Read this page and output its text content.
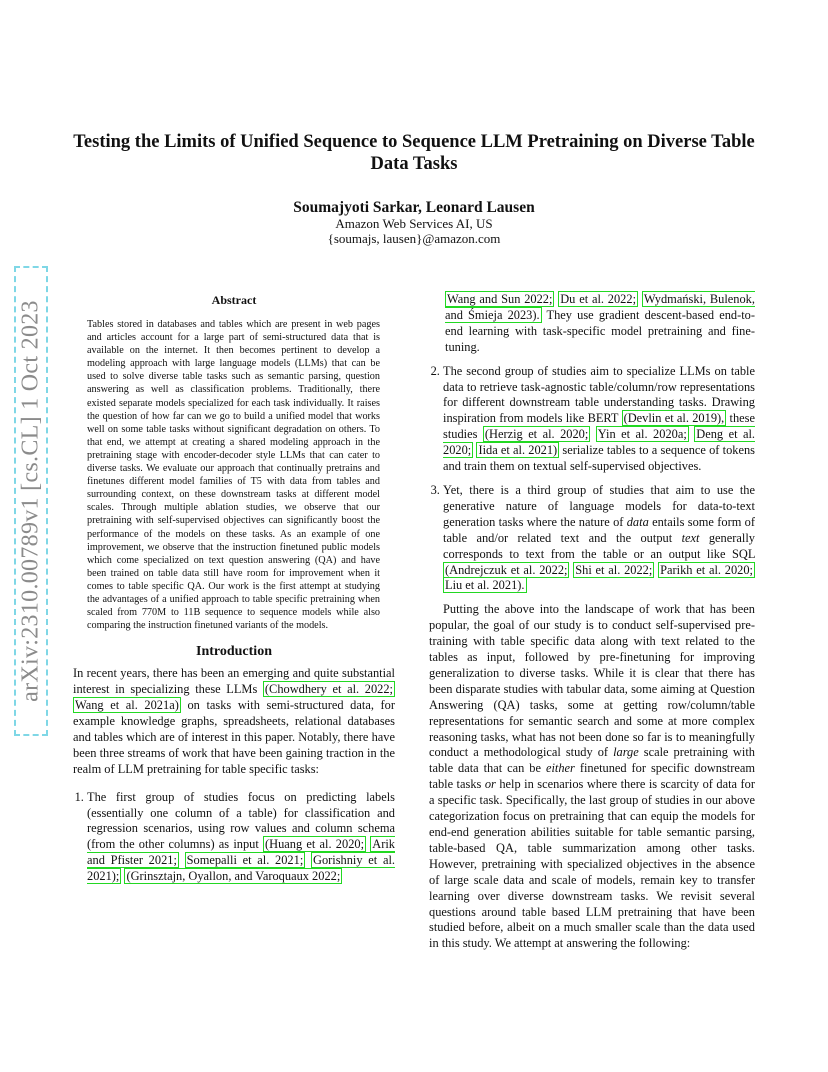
arXiv:2310.00789v1 [cs.CL] 1 Oct 2023
Testing the Limits of Unified Sequence to Sequence LLM Pretraining on Diverse Table Data Tasks
Soumajyoti Sarkar, Leonard Lausen
Amazon Web Services AI, US
{soumajs, lausen}@amazon.com
Abstract

Tables stored in databases and tables which are present in web pages and articles account for a large part of semi-structured data that is available on the internet. It then becomes pertinent to develop a modeling approach with large language models (LLMs) that can be used to solve diverse table tasks such as semantic parsing, question answering as well as classification problems. Traditionally, there existed separate models specialized for each task individually. It raises the question of how far can we go to build a unified model that works well on some table tasks without significant degradation on others. To that end, we attempt at creating a shared modeling approach in the pretraining stage with encoder-decoder style LLMs that can cater to diverse tasks. We evaluate our approach that continually pretrains and finetunes different model families of T5 with data from tables and surrounding context, on these downstream tasks at different model scales. Through multiple ablation studies, we observe that our pretraining with self-supervised objectives can significantly boost the performance of the models on these tasks. As an example of one improvement, we observe that the instruction finetuned public models which come specialized on text question answering (QA) and have been trained on table data still have room for improvement when it comes to table specific QA. Our work is the first attempt at studying the advantages of a unified approach to table specific pretraining when scaled from 770M to 11B sequence to sequence models while also comparing the instruction finetuned variants of the models.

Introduction

In recent years, there has been an emerging and quite substantial interest in specializing these LLMs (Chowdhery et al. 2022; Wang et al. 2021a) on tasks with semi-structured data, for example knowledge graphs, spreadsheets, relational databases and tables which are of interest in this paper. Notably, there have been three streams of work that have been gaining traction in the realm of LLM pretraining for table specific tasks:

1. The first group of studies focus on predicting labels (essentially one column of a table) for classification and regression scenarios, using row values and column schema (from the other columns) as input (Huang et al. 2020; Arik and Pfister 2021; Somepalli et al. 2021; Gorishniy et al. 2021); (Grinsztajn, Oyallon, and Varoquaux 2022;

Wang and Sun 2022; Du et al. 2022; Wydmański, Bulenok, and Śmieja 2023). They use gradient descent-based end-to-end learning with task-specific model pretraining and fine-tuning.

2. The second group of studies aim to specialize LLMs on table data to retrieve task-agnostic table/column/row representations for different downstream table understanding tasks. Drawing inspiration from models like BERT (Devlin et al. 2019), these studies (Herzig et al. 2020; Yin et al. 2020a; Deng et al. 2020; Iida et al. 2021) serialize tables to a sequence of tokens and train them on textual self-supervised objectives.
3. Yet, there is a third group of studies that aim to use the generative nature of language models for data-to-text generation tasks where the nature of data entails some form of table and/or related text and the output text generally corresponds to text from the table or an output like SQL (Andrejczuk et al. 2022; Shi et al. 2022; Parikh et al. 2020; Liu et al. 2021).

Putting the above into the landscape of work that has been popular, the goal of our study is to conduct self-supervised pre-training with table specific data along with text related to the tables as input, followed by pre-finetuning for improving generalization to diverse tasks. While it is clear that there has been disparate studies with tabular data, some aiming at Question Answering (QA) tasks, some at getting row/column/table representations for semantic search and some at more complex reasoning tasks, what has not been done so far is to meaningfully conduct a methodological study of large scale pretraining with table data that can be either finetuned for specific downstream table tasks or help in scenarios where there is scarcity of data for a specific task. Specifically, the last group of studies in our above categorization focus on pretraining that can equip the models for end-end generation abilities suitable for table semantic parsing, table-based QA, table summarization among other tasks. However, pretraining with specialized objectives in the absence of large scale data and scale of models, remain key to transfer learning over diverse downstream tasks. We revisit several questions around table based LLM pretraining that have been studied before, albeit on a much smaller scale than the data used in this study. We attempt at answering the following:
